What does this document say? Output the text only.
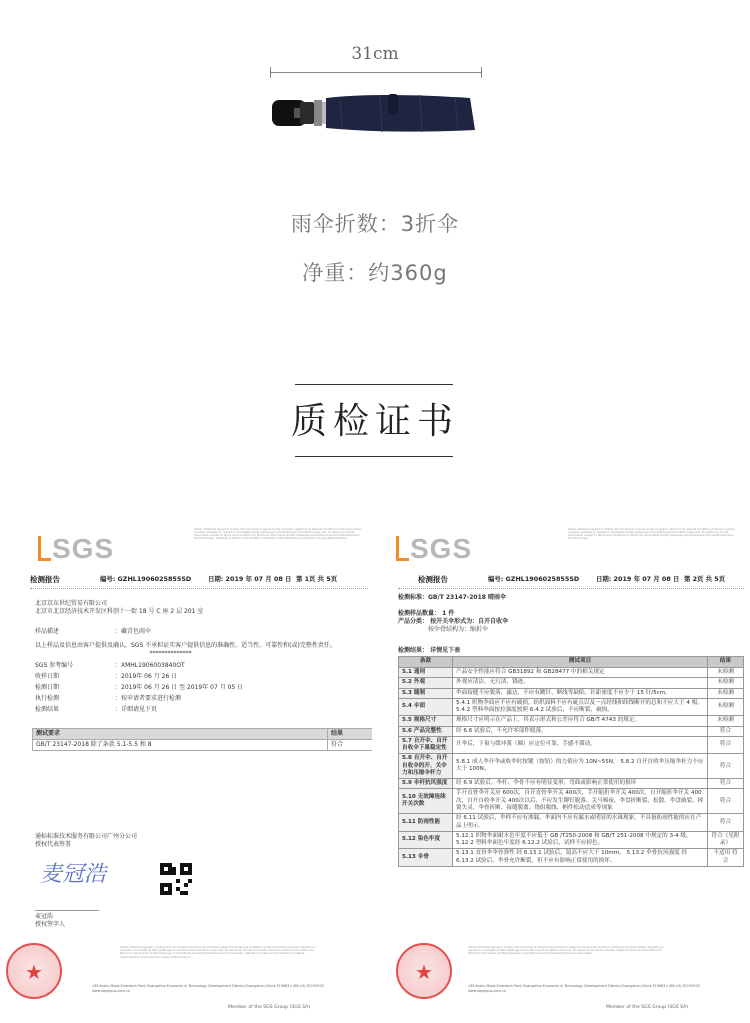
31cm
雨伞折数：3折伞
净重：约360g
质检证书
SGS
Unless otherwise agreed in writing, this document is issued by the Company subject to its General Conditions of Service printed overleaf, available on request or accessible at http://www.sgs.com/en/Terms-and-Conditions.aspx and, for electronic format documents, subject to Terms and Conditions for Electronic Documents at http://www.sgs.com/en/Terms-and-Conditions/Terms-e-Document.aspx. Attention is drawn to the limitation of liability, indemnification and jurisdiction issues defined therein.
检测报告	编号: GZHL1906025855SD	日期: 2019 年 07 月 08 日 第 1页 共 5页
北京京东世纪贸易有限公司
北京市北京经济技术开发区科创十一街 18 号 C 座 2 层 201 室
样品描述	：藏青色雨伞
以上样品及信息由客户提供及确认，SGS 不承担证实客户提供信息的准确性、适当性、可靠性和(或)完整性责任。
**************
SGS 参考编号	：XMHL1906003840OT
收样日期	：2019年 06 月 26 日
检测日期	：2019年 06 月 26 日 至 2019年 07 月 05 日
执行检测	：按申请者要求进行检测
检测结果	：详细请见下页
测试要求	结果
GB/T 23147-2018 除了条款 5.1-5.5 和 8	符合
通标标准技术服务有限公司广州分公司
授权代表签署
麦冠浩
麦冠浩
授权签字人
★
Unless otherwise agreed in writing, this document is issued by the Company subject to its General Conditions of Service printed overleaf, available on request or accessible at http://www.sgs.com/en/Terms-and-Conditions.aspx and, for electronic format documents, subject to Terms and Conditions for Electronic Documents at http://www.sgs.com/en/Terms-and-Conditions/Terms-e-Document.aspx. Attention is drawn to the limitation of liability, indemnification and jurisdiction issues defined therein.
198 Kezhu Road,Scientech Park Guangzhou Economic & Technology Development District,Guangzhou,China 510663 t (86-20) 82155555 www.sgsgroup.com.cn
Member of the SGS Group (SGS SA)
SGS
Unless otherwise agreed in writing, this document is issued by the Company subject to its General Conditions of Service printed overleaf, available on request or accessible at http://www.sgs.com/en/Terms-and-Conditions.aspx and, for electronic format documents, subject to Terms and Conditions for Electronic Documents at http://www.sgs.com/en/Terms-and-Conditions/Terms-e-Document.aspx.
检测报告	编号: GZHL1906025855SD	日期: 2019 年 07 月 08 日 第 2页 共 5页
检测标准：GB/T 23147-2018 晴雨伞
检测样品数量： 1 件
产品分类： 按开关伞形式为：自开自收伞
按伞骨结构为：缩折伞
检测结果： 详情见下表
条款	测试项目	结果
5.1 通则	产品安全性能应符合 GB31892 和 GB28477 中的相关规定	未检测
5.2 外观	外观应清洁，无污渍，锈迹。	未检测
5.3 缝制	伞面接缝不应脱落、露边，不应有跳针、断线等缺陷。针距密度不应少于 15 针/5cm。	未检测
5.4 伞面	5.4.1 织物伞面应不应有破损，纺织面料不应有疵点以及一点经线和纬线断开的总和不应大于 4 根。 5.4.2 塑料伞面按拉强度按照 6.4.2 试验后，不应断裂、破损。	未检测
5.5 规格尺寸	规格尺寸应明示在产品上，其表示形式和公差应符合 GB/T 4743 的规定。	未检测
5.6 产品完整性	经 6.6 试验后，不允许零部件脱落。	符合
5.7 自开伞、自开自收伞下巢稳定性	开伞后，下巢与缓冲簧（圈）应定位可靠，手感不滞动。	符合
5.8 自开伞、自开自收伞的开、关伞力和压缩伞杆力	5.8.1 成人伞开伞或收伞时按键（按钮）的力值应为 10N~55N。 5.8.2 自开自收伞压缩伞杆力不应大于 100N。	符合
5.9 伞杆抗风强度	经 6.9 试验后，伞杆、伞骨不应有明显变形，弯曲或影响正常使用的损坏	符合
5.10 无故障连续开关次数	手开直骨伞开关应 600次，自开直骨伞开关 400次，手开缩折伞开关 400次，自开缩折伞开关 400次，自开自收伞开关 400次以后，不应发生铆钉脱落、关马棉夜、伞盘折断裂、松散、伞盘破裂、摔簧失灵、伞骨折断、接缝脱离、绕组脱线、柄件松动造成等现象	符合
5.11 防雨性能	经 6.11 试验后，伞样不应有渗漏，伞面内不应有漏水或明显的水珠现象，不具备防雨性能的应在产品上明示。	符合
5.12 染色牢度	5.12.1 织物伞面耐水色牢度不应低于 GB /T250-2008 和 GB/T 251-2008 中规定的 3-4 级。 5.12.2 塑料伞面色牢度经 6.12.2 试验后，试样不应掉色。	符合（见附录）
5.13 伞骨	5.13.1 直骨伞伞骨弹性 经 6.13.1 试验后，镜高不应大于 10mm。 5.13.2 伞骨抗风强度 经 6.13.2 试验后，伞骨允许断裂，但不应有影响正常使用的损坏。	不适用 符合
★
Unless otherwise agreed in writing, this document is issued by the Company subject to its General Conditions of Service printed overleaf, available on request or accessible at http://www.sgs.com/en/Terms-and-Conditions.aspx and, for electronic format documents, subject to Terms and Conditions for Electronic Documents at http://www.sgs.com/en/Terms-and-Conditions/Terms-e-Document.aspx.
198 Kezhu Road,Scientech Park Guangzhou Economic & Technology Development District,Guangzhou,China 510663 t (86-20) 82155555 www.sgsgroup.com.cn
Member of the SGS Group (SGS SA)
